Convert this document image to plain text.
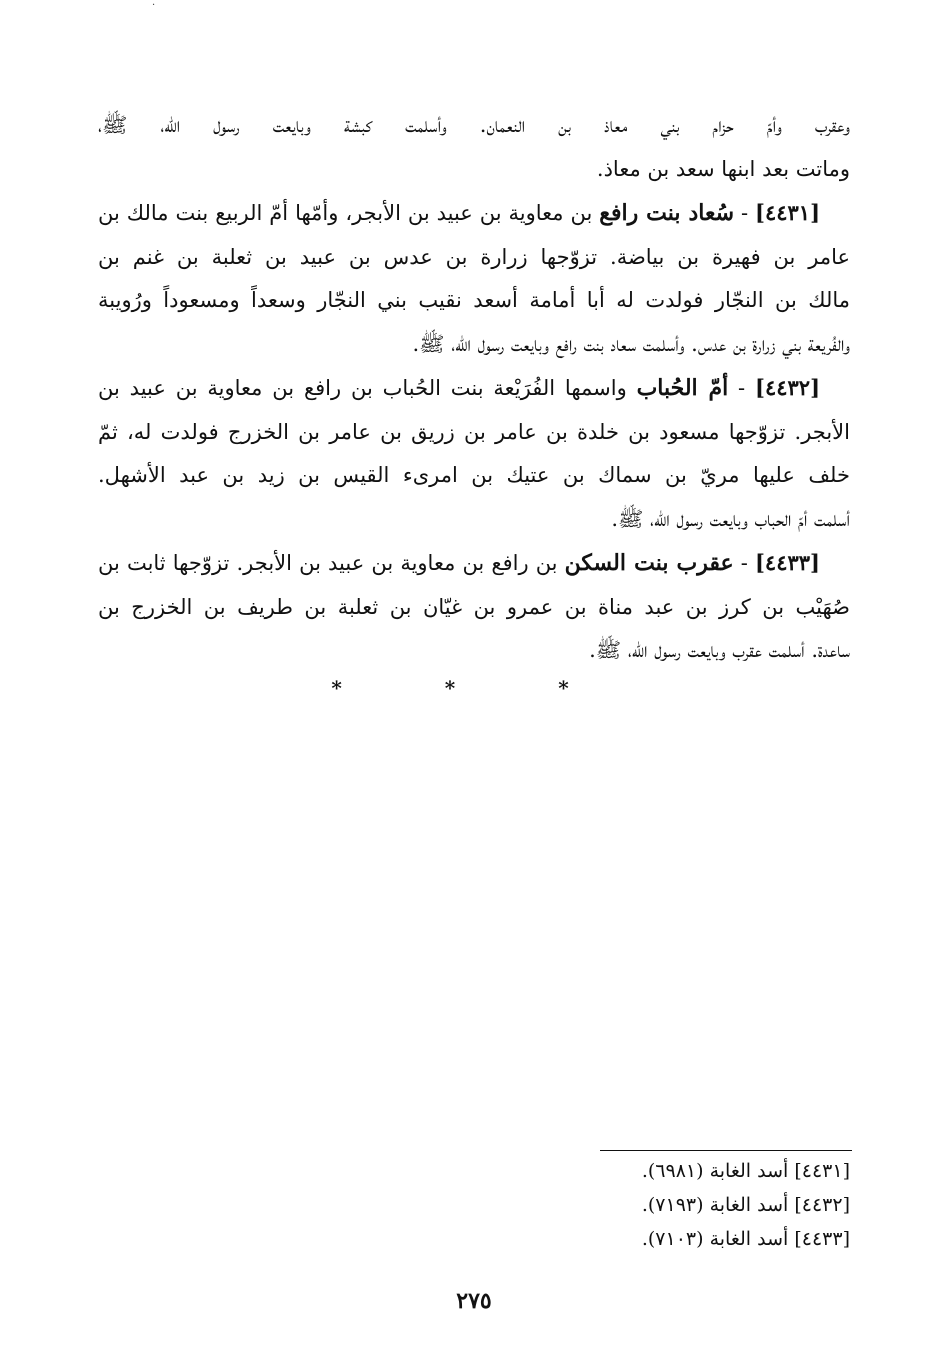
·
وعقرب وأمّ حزام بني معاذ بن النعمان. وأسلمت كبشة وبايعت رسول الله، ﷺ،
وماتت بعد ابنها سعد بن معاذ.
[٤٤٣١] - سُعاد بنت رافع بن معاوية بن عبيد بن الأبجر، وأمّها أمّ الربيع بنت مالك بن
عامر بن فهيرة بن بياضة. تزوّجها زرارة بن عدس بن عبيد بن ثعلبة بن غنم بن
مالك بن النجّار فولدت له أبا أمامة أسعد نقيب بني النجّار وسعداً ومسعوداً ورُويبة
والفُريعة بني زرارة بن عدس. وأسلمت سعاد بنت رافع وبايعت رسول الله، ﷺ.
[٤٤٣٢] - أمّ الحُباب واسمها الفُرَيْعة بنت الحُباب بن رافع بن معاوية بن عبيد بن
الأبجر. تزوّجها مسعود بن خلدة بن عامر بن زريق بن عامر بن الخزرج فولدت له، ثمّ
خلف عليها مريّ بن سماك بن عتيك بن امرىء القيس بن زيد بن عبد الأشهل.
أسلمت أمّ الحباب وبايعت رسول الله، ﷺ.
[٤٤٣٣] - عقرب بنت السكن بن رافع بن معاوية بن عبيد بن الأبجر. تزوّجها ثابت بن
صُهَيْب بن كرز بن عبد مناة بن عمرو بن غيّان بن ثعلبة بن طريف بن الخزرج بن
ساعدة. أسلمت عقرب وبايعت رسول الله، ﷺ.
* * *
[٤٤٣١] أسد الغابة (٦٩٨١).
[٤٤٣٢] أسد الغابة (٧١٩٣).
[٤٤٣٣] أسد الغابة (٧١٠٣).
٢٧٥
